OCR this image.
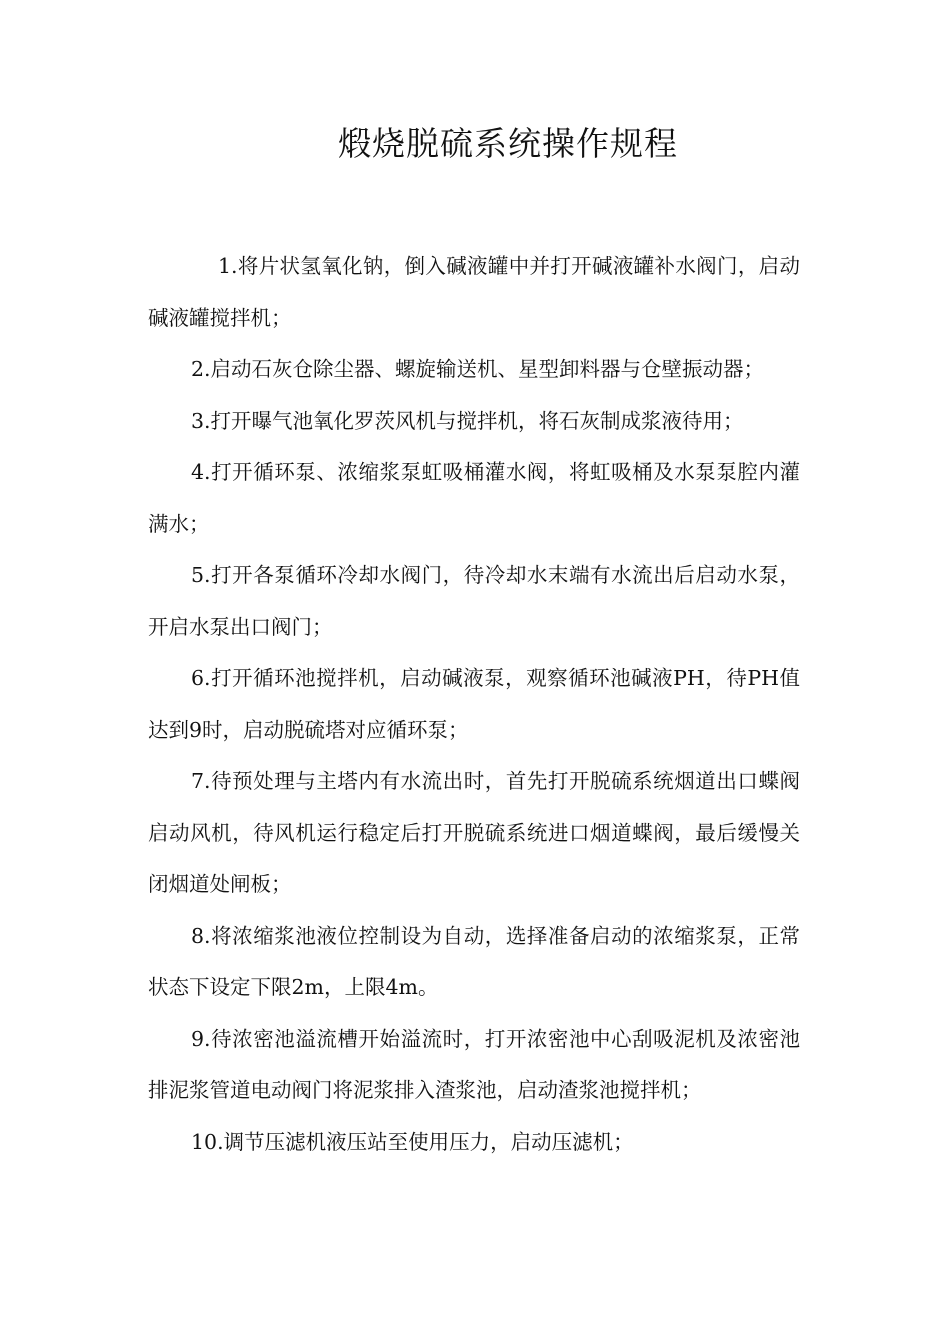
煅烧脱硫系统操作规程

1.将片状氢氧化钠，倒入碱液罐中并打开碱液罐补水阀门，启动碱液罐搅拌机；

2.启动石灰仓除尘器、螺旋输送机、星型卸料器与仓壁振动器；

3.打开曝气池氧化罗茨风机与搅拌机，将石灰制成浆液待用；

4.打开循环泵、浓缩浆泵虹吸桶灌水阀，将虹吸桶及水泵泵腔内灌满水；

5.打开各泵循环冷却水阀门，待冷却水末端有水流出后启动水泵，开启水泵出口阀门；

6.打开循环池搅拌机，启动碱液泵，观察循环池碱液PH，待PH值达到9时，启动脱硫塔对应循环泵；

7.待预处理与主塔内有水流出时，首先打开脱硫系统烟道出口蝶阀启动风机，待风机运行稳定后打开脱硫系统进口烟道蝶阀，最后缓慢关闭烟道处闸板；

8.将浓缩浆池液位控制设为自动，选择准备启动的浓缩浆泵，正常状态下设定下限2m，上限4m。

9.待浓密池溢流槽开始溢流时，打开浓密池中心刮吸泥机及浓密池排泥浆管道电动阀门将泥浆排入渣浆池，启动渣浆池搅拌机；

10.调节压滤机液压站至使用压力，启动压滤机；
